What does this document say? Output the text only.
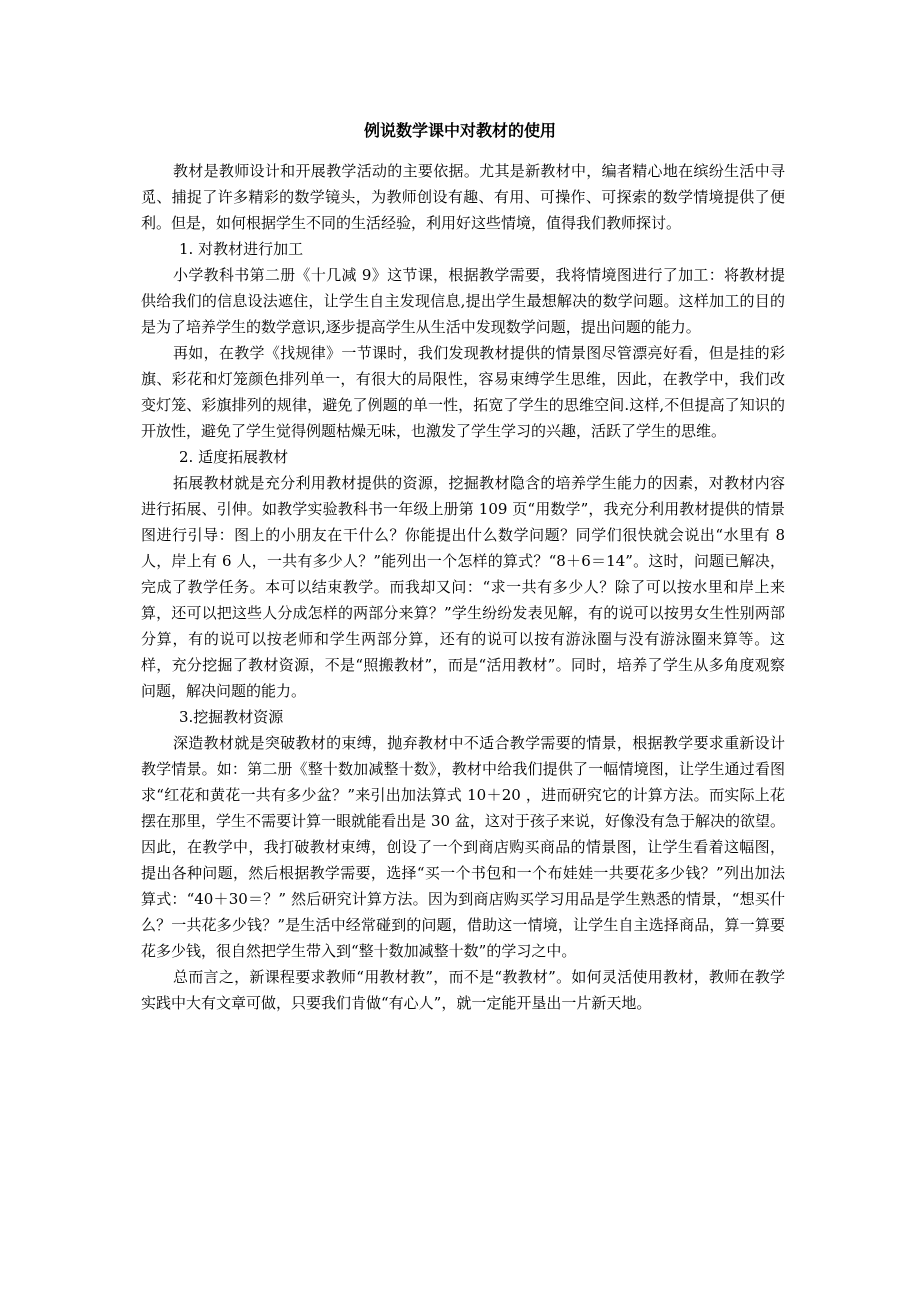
例说数学课中对教材的使用

教材是教师设计和开展教学活动的主要依据。尤其是新教材中，编者精心地在缤纷生活中寻觅、捕捉了许多精彩的数学镜头，为教师创设有趣、有用、可操作、可探索的数学情境提供了便利。但是，如何根据学生不同的生活经验，利用好这些情境，值得我们教师探讨。

1. 对教材进行加工

小学教科书第二册《十几减 9》这节课，根据教学需要，我将情境图进行了加工：将教材提供给我们的信息设法遮住，让学生自主发现信息,提出学生最想解决的数学问题。这样加工的目的是为了培养学生的数学意识,逐步提高学生从生活中发现数学问题，提出问题的能力。

再如，在教学《找规律》一节课时，我们发现教材提供的情景图尽管漂亮好看，但是挂的彩旗、彩花和灯笼颜色排列单一，有很大的局限性，容易束缚学生思维，因此，在教学中，我们改变灯笼、彩旗排列的规律，避免了例题的单一性，拓宽了学生的思维空间.这样,不但提高了知识的开放性，避免了学生觉得例题枯燥无味，也激发了学生学习的兴趣，活跃了学生的思维。

2. 适度拓展教材

拓展教材就是充分利用教材提供的资源，挖掘教材隐含的培养学生能力的因素，对教材内容进行拓展、引伸。如教学实验教科书一年级上册第 109 页“用数学”，我充分利用教材提供的情景图进行引导：图上的小朋友在干什么？你能提出什么数学问题？同学们很快就会说出“水里有 8 人，岸上有 6 人，一共有多少人？”能列出一个怎样的算式？“8＋6＝14”。这时，问题已解决，完成了教学任务。本可以结束教学。而我却又问：“求一共有多少人？除了可以按水里和岸上来算，还可以把这些人分成怎样的两部分来算？”学生纷纷发表见解，有的说可以按男女生性别两部分算，有的说可以按老师和学生两部分算，还有的说可以按有游泳圈与没有游泳圈来算等。这样，充分挖掘了教材资源，不是“照搬教材”，而是“活用教材”。同时，培养了学生从多角度观察问题，解决问题的能力。

3.挖掘教材资源

深造教材就是突破教材的束缚，抛弃教材中不适合教学需要的情景，根据教学要求重新设计教学情景。如：第二册《整十数加减整十数》，教材中给我们提供了一幅情境图，让学生通过看图求“红花和黄花一共有多少盆？”来引出加法算式 10＋20 ，进而研究它的计算方法。而实际上花摆在那里，学生不需要计算一眼就能看出是 30 盆，这对于孩子来说，好像没有急于解决的欲望。因此，在教学中，我打破教材束缚，创设了一个到商店购买商品的情景图，让学生看着这幅图，提出各种问题，然后根据教学需要，选择“买一个书包和一个布娃娃一共要花多少钱？”列出加法算式：“40＋30＝？” 然后研究计算方法。因为到商店购买学习用品是学生熟悉的情景，“想买什么？一共花多少钱？”是生活中经常碰到的问题，借助这一情境，让学生自主选择商品，算一算要花多少钱，很自然把学生带入到“整十数加减整十数”的学习之中。

总而言之，新课程要求教师“用教材教”，而不是“教教材”。如何灵活使用教材，教师在教学实践中大有文章可做，只要我们肯做“有心人”，就一定能开垦出一片新天地。
